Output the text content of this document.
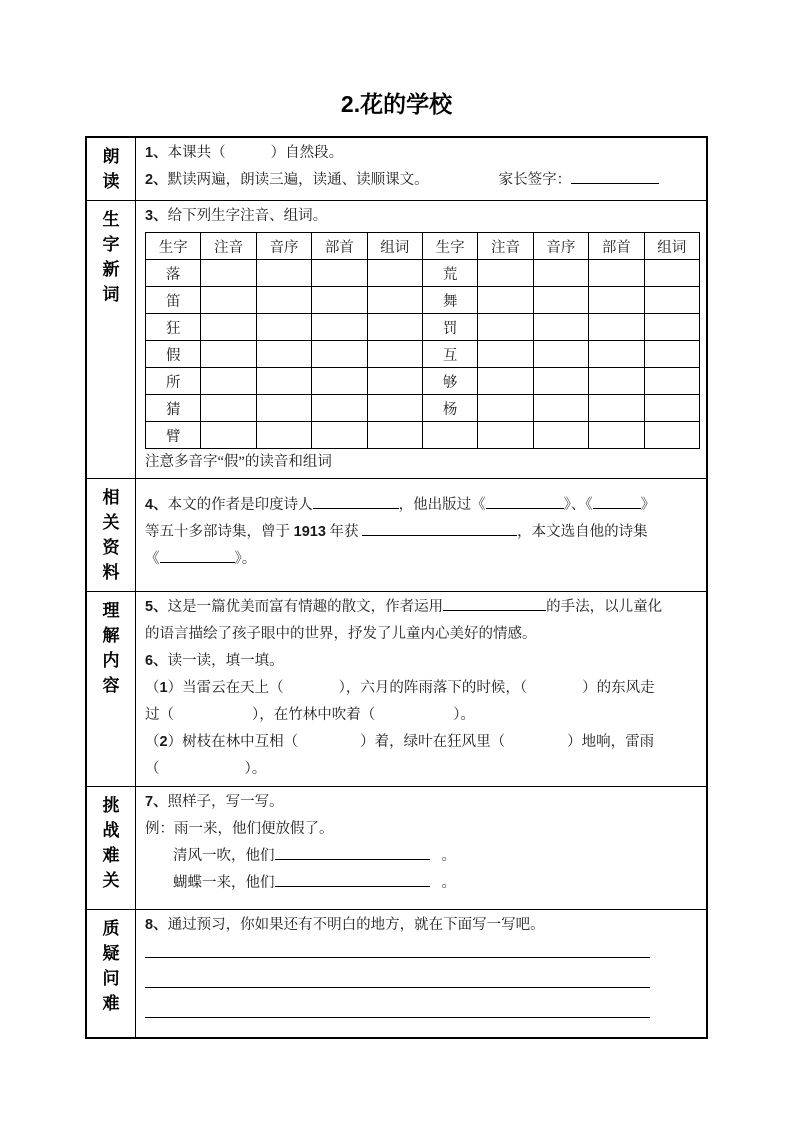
2.花的学校
朗
读

1、本课共（	）自然段。
2、默读两遍，朗读三遍，读通、读顺课文。	家长签字：

生
字
新
词

3、给下列生字注音、组词。
生字	注音	音序	部首	组词	生字	注音	音序	部首	组词
落					荒				
笛					舞				
狂					罚				
假					互				
所					够				
猜					杨				
臂									
注意多音字“假”的读音和组词

相
关
资
料

4、本文的作者是印度诗人	，他出版过《	》、《	》
等五十多部诗集，曾于 1913 年获	，本文选自他的诗集
《	》。

理
解
内
容

5、这是一篇优美而富有情趣的散文，作者运用	的手法，以儿童化
的语言描绘了孩子眼中的世界，抒发了儿童内心美好的情感。
6、读一读，填一填。
（1）当雷云在天上（	），六月的阵雨落下的时候，（	）的东风走
过（	），在竹林中吹着（	）。
（2）树枝在林中互相（	）着，绿叶在狂风里（	）地响，雷雨
（	）。

挑
战
难
关

7、照样子，写一写。
例：雨一来，他们便放假了。
清风一吹，他们	。
蝴蝶一来，他们	。

质
疑
问
难

8、通过预习，你如果还有不明白的地方，就在下面写一写吧。
